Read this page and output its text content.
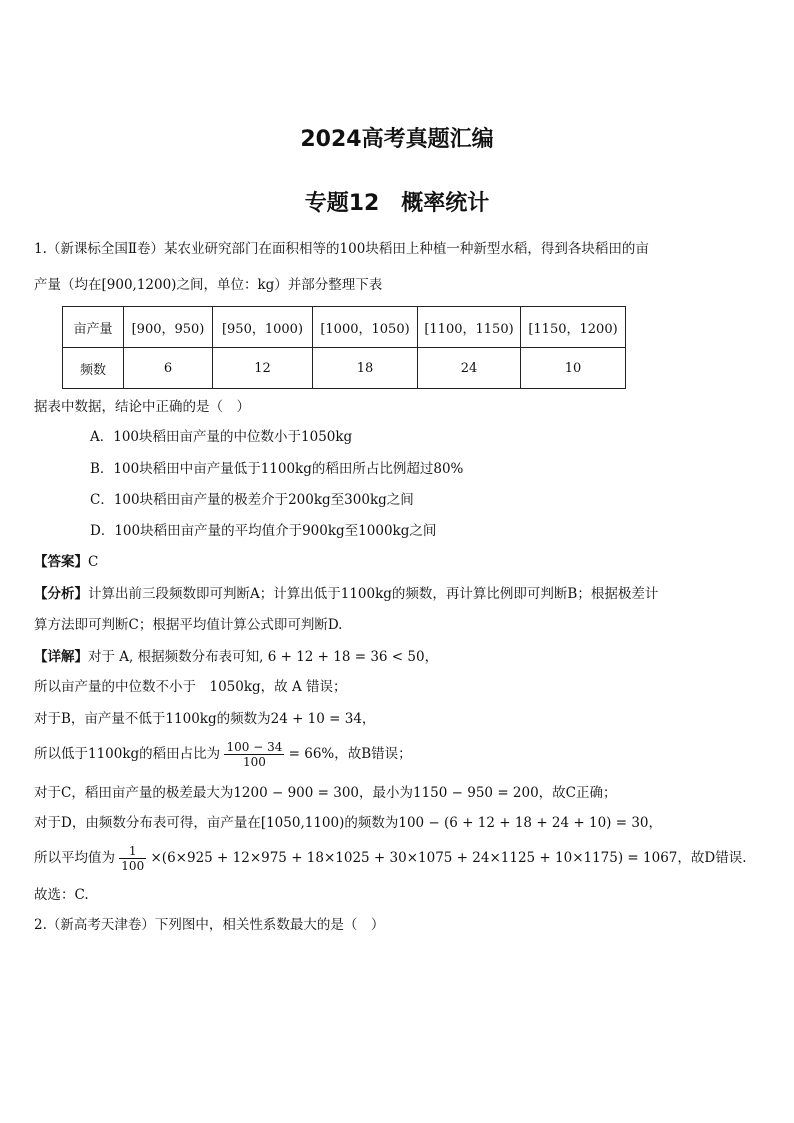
2024高考真题汇编
专题12　概率统计
1.（新课标全国Ⅱ卷）某农业研究部门在面积相等的100块稻田上种植一种新型水稻，得到各块稻田的亩
产量（均在[900,1200)之间，单位：kg）并部分整理下表
亩产量	[900，950)	[950，1000)	[1000，1050)	[1100，1150)	[1150，1200)
频数	6	12	18	24	10
据表中数据，结论中正确的是（　）
A．100块稻田亩产量的中位数小于1050kg
B．100块稻田中亩产量低于1100kg的稻田所占比例超过80%
C．100块稻田亩产量的极差介于200kg至300kg之间
D．100块稻田亩产量的平均值介于900kg至1000kg之间
【答案】C
【分析】计算出前三段频数即可判断A；计算出低于1100kg的频数，再计算比例即可判断B；根据极差计
算方法即可判断C；根据平均值计算公式即可判断D.
【详解】对于 A, 根据频数分布表可知, 6 + 12 + 18 = 36 < 50，
所以亩产量的中位数不小于　1050kg，故 A 错误；
对于B，亩产量不低于1100kg的频数为24 + 10 = 34，
所以低于1100kg的稻田占比为 $\frac{100 - 34}{100} = 66\%$，故B错误；
对于C，稻田亩产量的极差最大为1200 − 900 = 300，最小为1150 − 950 = 200，故C正确；
对于D，由频数分布表可得，亩产量在[1050,1100)的频数为100 − (6 + 12 + 18 + 24 + 10) = 30，
所以平均值为 $\frac{1}{100} \times(6\times 925 + 12\times 975 + 18\times 1025 + 30\times 1075 + 24\times 1125 + 10\times 1175) = 1067$，故D错误.
故选：C.
2.（新高考天津卷）下列图中，相关性系数最大的是（　）
